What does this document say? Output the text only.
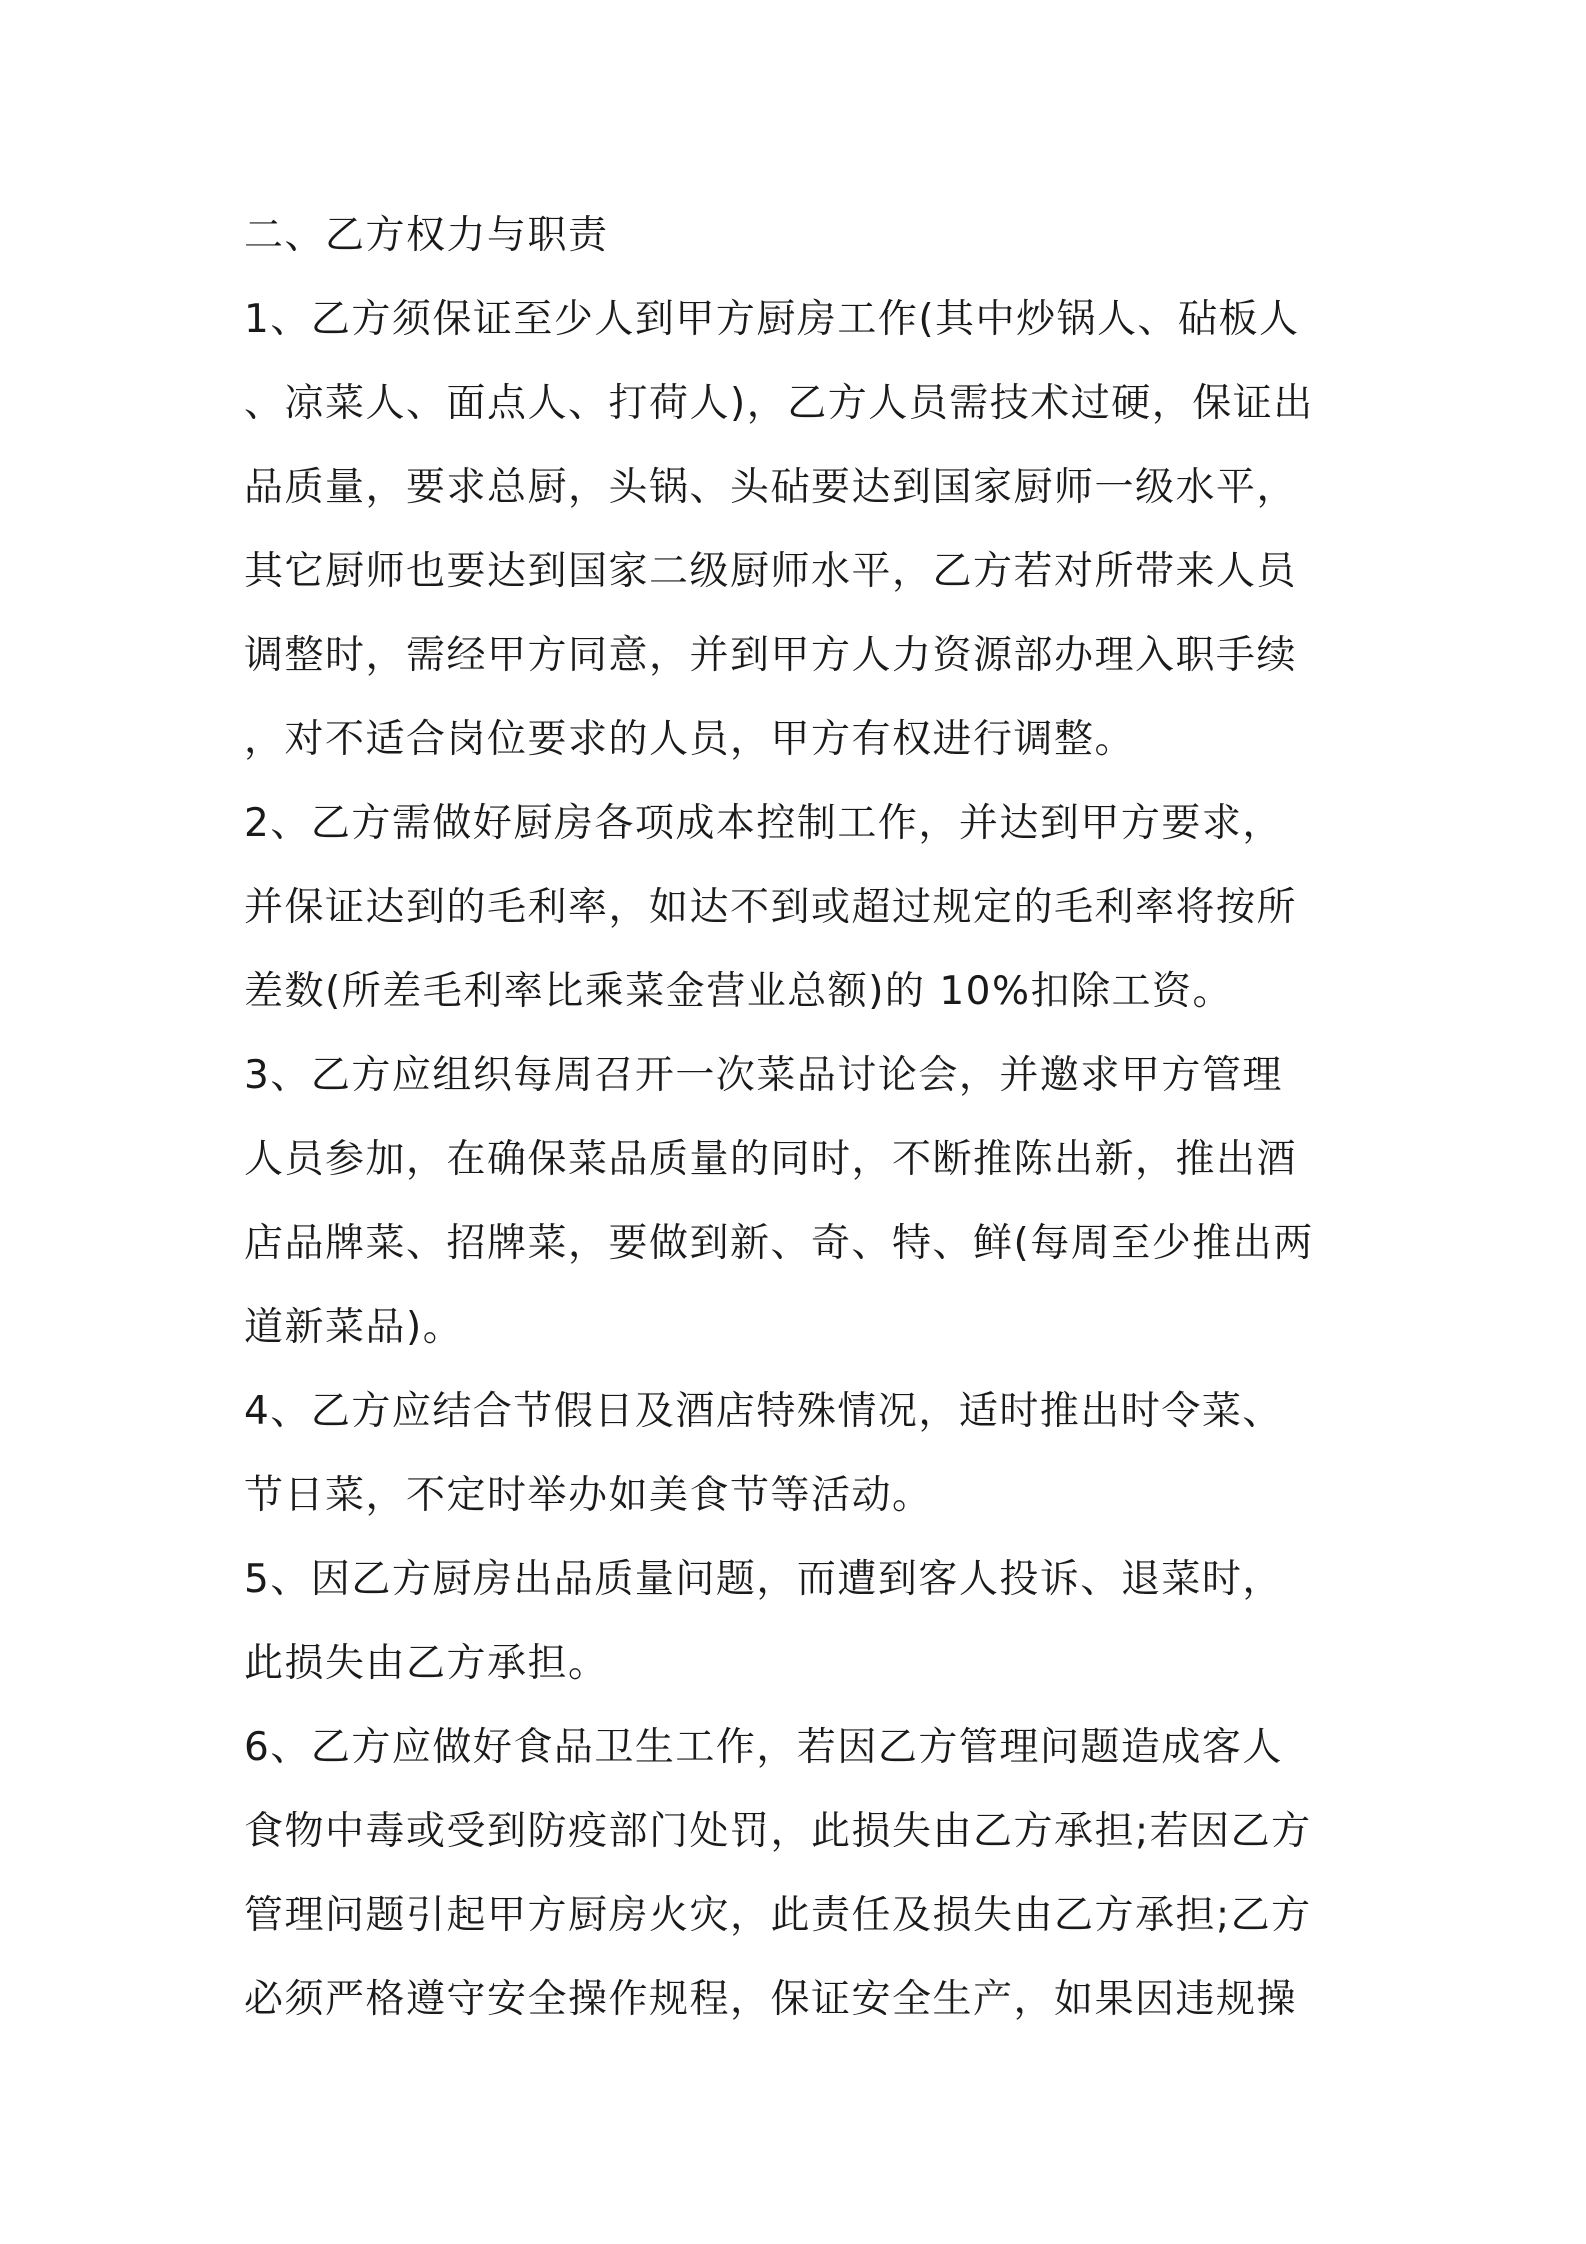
二、乙方权力与职责
1、乙方须保证至少人到甲方厨房工作(其中炒锅人、砧板人
、凉菜人、面点人、打荷人)，乙方人员需技术过硬，保证出
品质量，要求总厨，头锅、头砧要达到国家厨师一级水平，
其它厨师也要达到国家二级厨师水平，乙方若对所带来人员
调整时，需经甲方同意，并到甲方人力资源部办理入职手续
，对不适合岗位要求的人员，甲方有权进行调整。
2、乙方需做好厨房各项成本控制工作，并达到甲方要求，
并保证达到的毛利率，如达不到或超过规定的毛利率将按所
差数(所差毛利率比乘菜金营业总额)的 10%扣除工资。
3、乙方应组织每周召开一次菜品讨论会，并邀求甲方管理
人员参加，在确保菜品质量的同时，不断推陈出新，推出酒
店品牌菜、招牌菜，要做到新、奇、特、鲜(每周至少推出两
道新菜品)。
4、乙方应结合节假日及酒店特殊情况，适时推出时令菜、
节日菜，不定时举办如美食节等活动。
5、因乙方厨房出品质量问题，而遭到客人投诉、退菜时，
此损失由乙方承担。
6、乙方应做好食品卫生工作，若因乙方管理问题造成客人
食物中毒或受到防疫部门处罚，此损失由乙方承担;若因乙方
管理问题引起甲方厨房火灾，此责任及损失由乙方承担;乙方
必须严格遵守安全操作规程，保证安全生产，如果因违规操
